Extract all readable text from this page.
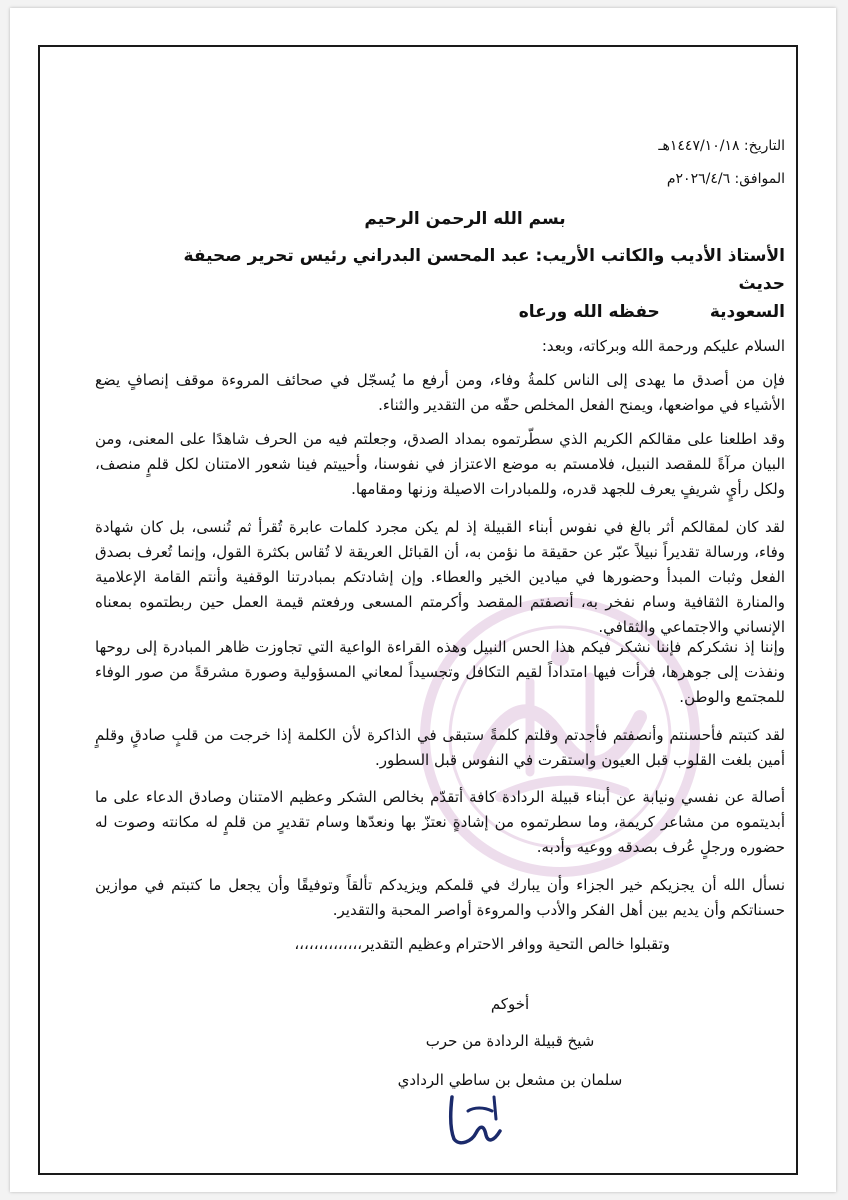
التاريخ: ١٤٤٧/١٠/١٨هـ
الموافق: ٢٠٢٦/٤/٦م
بسم الله الرحمن الرحيم
الأستاذ الأديب والكاتب الأريب: عبد المحسن البدراني رئيس تحرير صحيفة حديث
السعوديةحفظه الله ورعاه
السلام عليكم ورحمة الله وبركاته، وبعد:
فإن من أصدق ما يهدى إلى الناس كلمةُ وفاء، ومن أرفع ما يُسجّل في صحائف المروءة موقف إنصافٍ يضع الأشياء في مواضعها، ويمنح الفعل المخلص حقّه من التقدير والثناء.
وقد اطلعنا على مقالكم الكريم الذي سطّرتموه بمداد الصدق، وجعلتم فيه من الحرف شاهدًا على المعنى، ومن البيان مرآةً للمقصد النبيل، فلامستم به موضع الاعتزاز في نفوسنا، وأحييتم فينا شعور الامتنان لكل قلمٍ منصف، ولكل رأيٍ شريفٍ يعرف للجهد قدره، وللمبادرات الاصيلة وزنها ومقامها.
لقد كان لمقالكم أثر بالغ في نفوس أبناء القبيلة إذ لم يكن مجرد كلمات عابرة تُقرأ ثم تُنسى، بل كان شهادة وفاء، ورسالة تقديراً نبيلاً عبّر عن حقيقة ما نؤمن به، أن القبائل العريقة لا تُقاس بكثرة القول، وإنما تُعرف بصدق الفعل وثبات المبدأ وحضورها في ميادين الخير والعطاء. وإن إشادتكم بمبادرتنا الوقفية وأنتم القامة الإعلامية والمنارة الثقافية وسام نفخر به، أنصفتم المقصد وأكرمتم المسعى ورفعتم قيمة العمل حين ربطتموه بمعناه الإنساني والاجتماعي والثقافي.
وإننا إذ نشكركم فإننا نشكر فيكم هذا الحس النبيل وهذه القراءة الواعية التي تجاوزت ظاهر المبادرة إلى روحها ونفذت إلى جوهرها، فرأت فيها امتداداً لقيم التكافل وتجسيداً لمعاني المسؤولية وصورة مشرقةً من صور الوفاء للمجتمع والوطن.
لقد كتبتم فأحسنتم وأنصفتم فأجدتم وقلتم كلمةً ستبقى في الذاكرة لأن الكلمة إذا خرجت من قلبٍ صادقٍ وقلمٍ أمين بلغت القلوب قبل العيون واستقرت في النفوس قبل السطور.
أصالة عن نفسي ونيابة عن أبناء قبيلة الردادة كافة أتقدّم بخالص الشكر وعظيم الامتنان وصادق الدعاء على ما أبديتموه من مشاعر كريمة، وما سطرتموه من إشادةٍ نعتزّ بها ونعدّها وسام تقديرٍ من قلمٍ له مكانته وصوت له حضوره ورجلٍ عُرف بصدقه ووعيه وأدبه.
نسأل الله أن يجزيكم خير الجزاء وأن يبارك في قلمكم ويزيدكم تألقاً وتوفيقًا وأن يجعل ما كتبتم في موازين حسناتكم وأن يديم بين أهل الفكر والأدب والمروءة أواصر المحبة والتقدير.
وتقبلوا خالص التحية ووافر الاحترام وعظيم التقدير،،،،،،،،،،،،،،
أخوكم
شيخ قبيلة الردادة من حرب
سلمان بن مشعل بن ساطي الردادي
